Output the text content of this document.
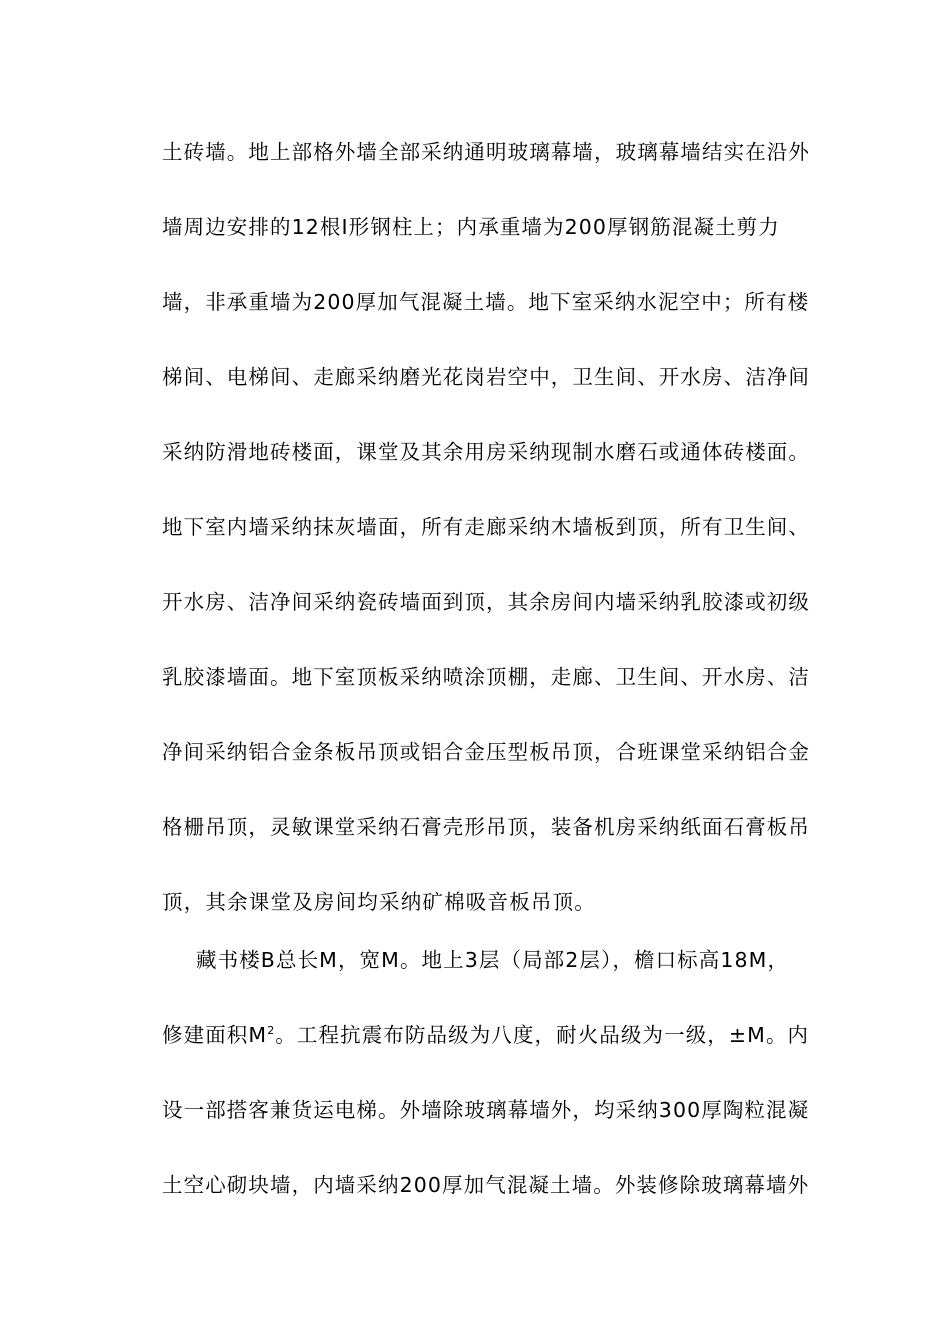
土砖墙。地上部格外墙全部采纳通明玻璃幕墙，玻璃幕墙结实在沿外
墙周边安排的12根I形钢柱上；内承重墙为200厚钢筋混凝土剪力
墙，非承重墙为200厚加气混凝土墙。地下室采纳水泥空中；所有楼
梯间、电梯间、走廊采纳磨光花岗岩空中，卫生间、开水房、洁净间
采纳防滑地砖楼面，课堂及其余用房采纳现制水磨石或通体砖楼面。
地下室内墙采纳抹灰墙面，所有走廊采纳木墙板到顶，所有卫生间、
开水房、洁净间采纳瓷砖墙面到顶，其余房间内墙采纳乳胶漆或初级
乳胶漆墙面。地下室顶板采纳喷涂顶棚，走廊、卫生间、开水房、洁
净间采纳铝合金条板吊顶或铝合金压型板吊顶，合班课堂采纳铝合金
格栅吊顶，灵敏课堂采纳石膏壳形吊顶，装备机房采纳纸面石膏板吊
顶，其余课堂及房间均采纳矿棉吸音板吊顶。
藏书楼B总长M，宽M。地上3层（局部2层），檐口标高18M，
修建面积$M^2$。工程抗震布防品级为八度，耐火品级为一级，±M。内
设一部搭客兼货运电梯。外墙除玻璃幕墙外，均采纳300厚陶粒混凝
土空心砌块墙，内墙采纳200厚加气混凝土墙。外装修除玻璃幕墙外
